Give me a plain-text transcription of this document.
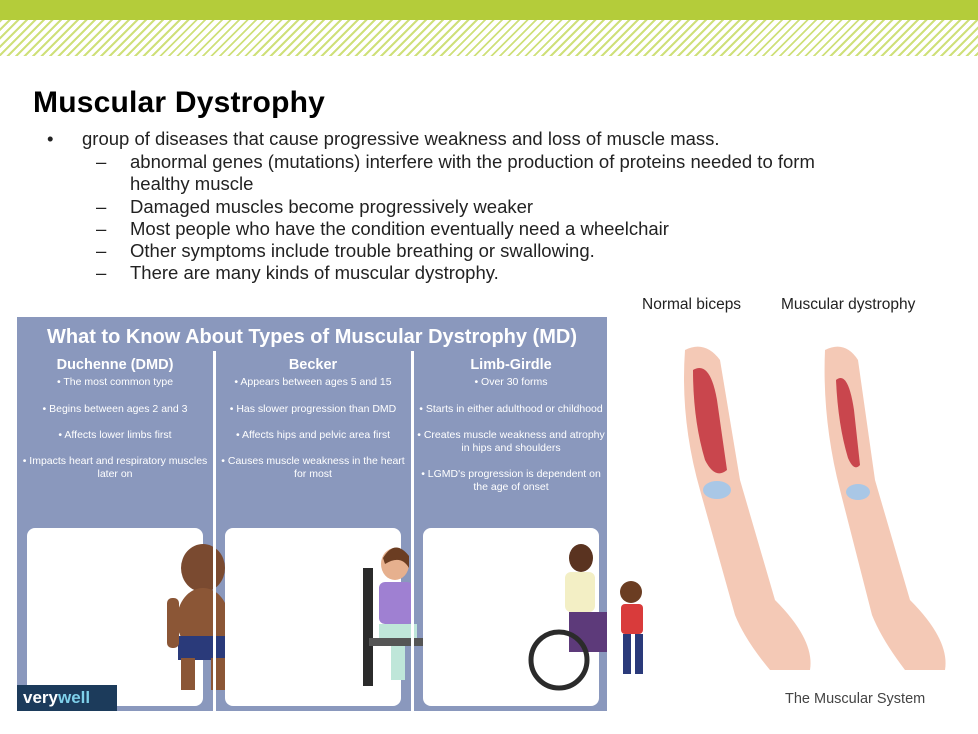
Muscular Dystrophy
• group of diseases that cause progressive weakness and loss of muscle mass.
– abnormal genes (mutations) interfere with the production of proteins needed to form healthy muscle
– Damaged muscles become progressively weaker
– Most people who have the condition eventually need a wheelchair
– Other symptoms include trouble breathing or swallowing.
– There are many kinds of muscular dystrophy.
What to Know About Types of Muscular Dystrophy (MD)
Duchenne (DMD)
• The most common type
• Begins between ages 2 and 3
• Affects lower limbs first
• Impacts heart and respiratory muscles later on
Becker
• Appears between ages 5 and 15
• Has slower progression than DMD
• Affects hips and pelvic area first
• Causes muscle weakness in the heart for most
Limb-Girdle
• Over 30 forms
• Starts in either adulthood or childhood
• Creates muscle weakness and atrophy in hips and shoulders
• LGMD's progression is dependent on the age of onset
verywell
Normal biceps	Muscular dystrophy
The Muscular System
